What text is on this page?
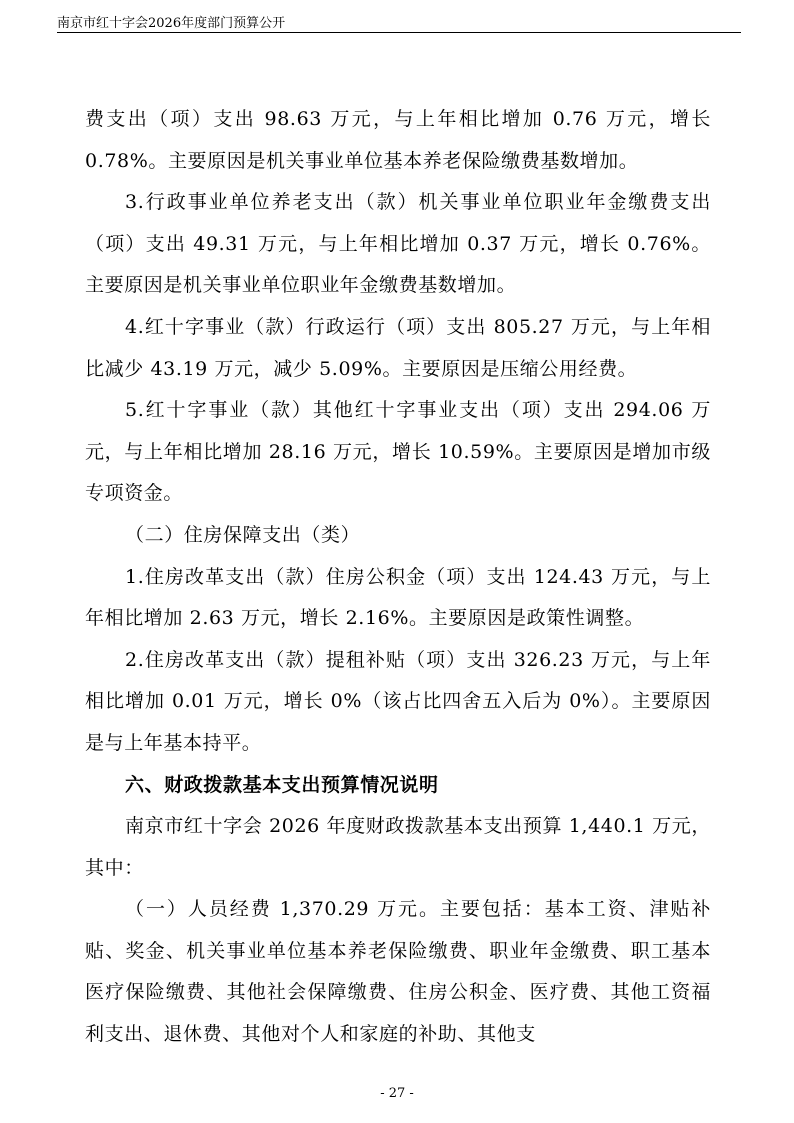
南京市红十字会2026年度部门预算公开

费支出（项）支出 98.63 万元，与上年相比增加 0.76 万元，增长 0.78%。主要原因是机关事业单位基本养老保险缴费基数增加。

3.行政事业单位养老支出（款）机关事业单位职业年金缴费支出（项）支出 49.31 万元，与上年相比增加 0.37 万元，增长 0.76%。主要原因是机关事业单位职业年金缴费基数增加。

4.红十字事业（款）行政运行（项）支出 805.27 万元，与上年相比减少 43.19 万元，减少 5.09%。主要原因是压缩公用经费。

5.红十字事业（款）其他红十字事业支出（项）支出 294.06 万元，与上年相比增加 28.16 万元，增长 10.59%。主要原因是增加市级专项资金。

（二）住房保障支出（类）

1.住房改革支出（款）住房公积金（项）支出 124.43 万元，与上年相比增加 2.63 万元，增长 2.16%。主要原因是政策性调整。

2.住房改革支出（款）提租补贴（项）支出 326.23 万元，与上年相比增加 0.01 万元，增长 0%（该占比四舍五入后为 0%）。主要原因是与上年基本持平。

六、财政拨款基本支出预算情况说明

南京市红十字会 2026 年度财政拨款基本支出预算 1,440.1 万元，其中：

（一）人员经费 1,370.29 万元。主要包括：基本工资、津贴补贴、奖金、机关事业单位基本养老保险缴费、职业年金缴费、职工基本医疗保险缴费、其他社会保障缴费、住房公积金、医疗费、其他工资福利支出、退休费、其他对个人和家庭的补助、其他支

- 27 -
